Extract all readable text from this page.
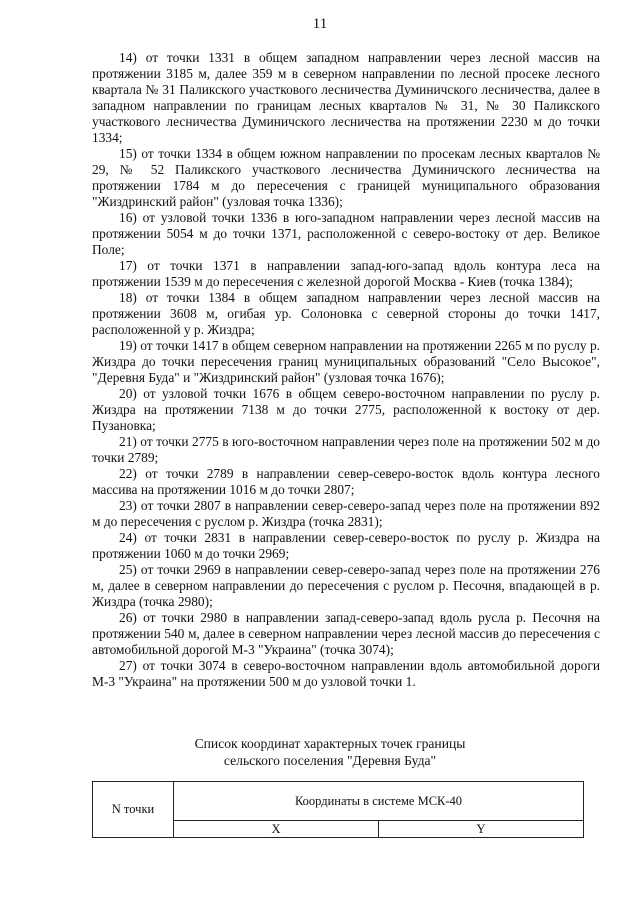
11

14) от точки 1331 в общем западном направлении через лесной массив на протяжении 3185 м, далее 359 м в северном направлении по лесной просеке лесного квартала № 31 Паликского участкового лесничества Думиничского лесничества, далее в западном направлении по границам лесных кварталов № 31, № 30 Паликского участкового лесничества Думиничского лесничества на протяжении 2230 м до точки 1334;

15) от точки 1334 в общем южном направлении по просекам лесных кварталов № 29, № 52 Паликского участкового лесничества Думиничского лесничества на протяжении 1784 м до пересечения с границей муниципального образования "Жиздринский район" (узловая точка 1336);

16) от узловой точки 1336 в юго-западном направлении через лесной массив на протяжении 5054 м до точки 1371, расположенной с северо-востоку от дер. Великое Поле;

17) от точки 1371 в направлении запад-юго-запад вдоль контура леса на протяжении 1539 м до пересечения с железной дорогой Москва - Киев (точка 1384);

18) от точки 1384 в общем западном направлении через лесной массив на протяжении 3608 м, огибая ур. Солоновка с северной стороны до точки 1417, расположенной у р. Жиздра;

19) от точки 1417 в общем северном направлении на протяжении 2265 м по руслу р. Жиздра до точки пересечения границ муниципальных образований "Село Высокое", "Деревня Буда" и "Жиздринский район" (узловая точка 1676);

20) от узловой точки 1676 в общем северо-восточном направлении по руслу р. Жиздра на протяжении 7138 м до точки 2775, расположенной к востоку от дер. Пузановка;

21) от точки 2775 в юго-восточном направлении через поле на протяжении 502 м до точки 2789;

22) от точки 2789 в направлении север-северо-восток вдоль контура лесного массива на протяжении 1016 м до точки 2807;

23) от точки 2807 в направлении север-северо-запад через поле на протяжении 892 м до пересечения с руслом р. Жиздра (точка 2831);

24) от точки 2831 в направлении север-северо-восток по руслу р. Жиздра на протяжении 1060 м до точки 2969;

25) от точки 2969 в направлении север-северо-запад через поле на протяжении 276 м, далее в северном направлении до пересечения с руслом р. Песочня, впадающей в р. Жиздра (точка 2980);

26) от точки 2980 в направлении запад-северо-запад вдоль русла р. Песочня на протяжении 540 м, далее в северном направлении через лесной массив до пересечения с автомобильной дорогой М-3 "Украина" (точка 3074);

27) от точки 3074 в северо-восточном направлении вдоль автомобильной дороги М-3 "Украина" на протяжении 500 м до узловой точки 1.

Список координат характерных точек границы
сельского поселения "Деревня Буда"
N точки	Координаты в системе МСК-40	
	X	Y
